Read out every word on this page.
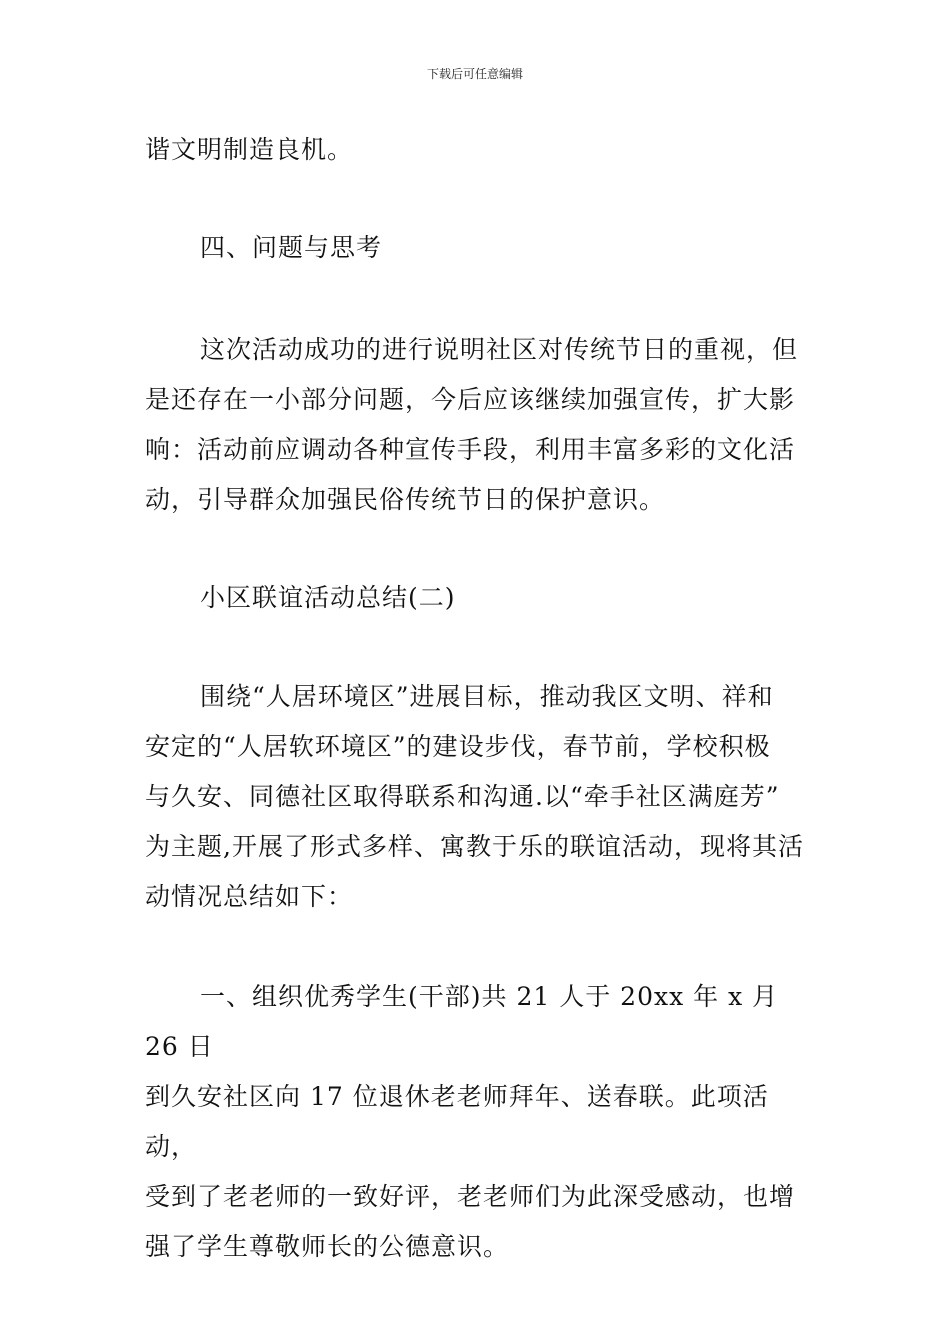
下载后可任意编辑

谐文明制造良机。

四、问题与思考

这次活动成功的进行说明社区对传统节日的重视，但
是还存在一小部分问题，今后应该继续加强宣传，扩大影
响：活动前应调动各种宣传手段，利用丰富多彩的文化活
动，引导群众加强民俗传统节日的保护意识。

小区联谊活动总结(二)

围绕“人居环境区”进展目标，推动我区文明、祥和
安定的“人居软环境区”的建设步伐，春节前，学校积极
与久安、同德社区取得联系和沟通.以“牵手社区满庭芳”
为主题,开展了形式多样、寓教于乐的联谊活动，现将其活
动情况总结如下：
一、组织优秀学生(干部)共 21 人于 20xx 年 x 月 26 日
到久安社区向 17 位退休老老师拜年、送春联。此项活动，
受到了老老师的一致好评，老老师们为此深受感动，也增
强了学生尊敬师长的公德意识。
